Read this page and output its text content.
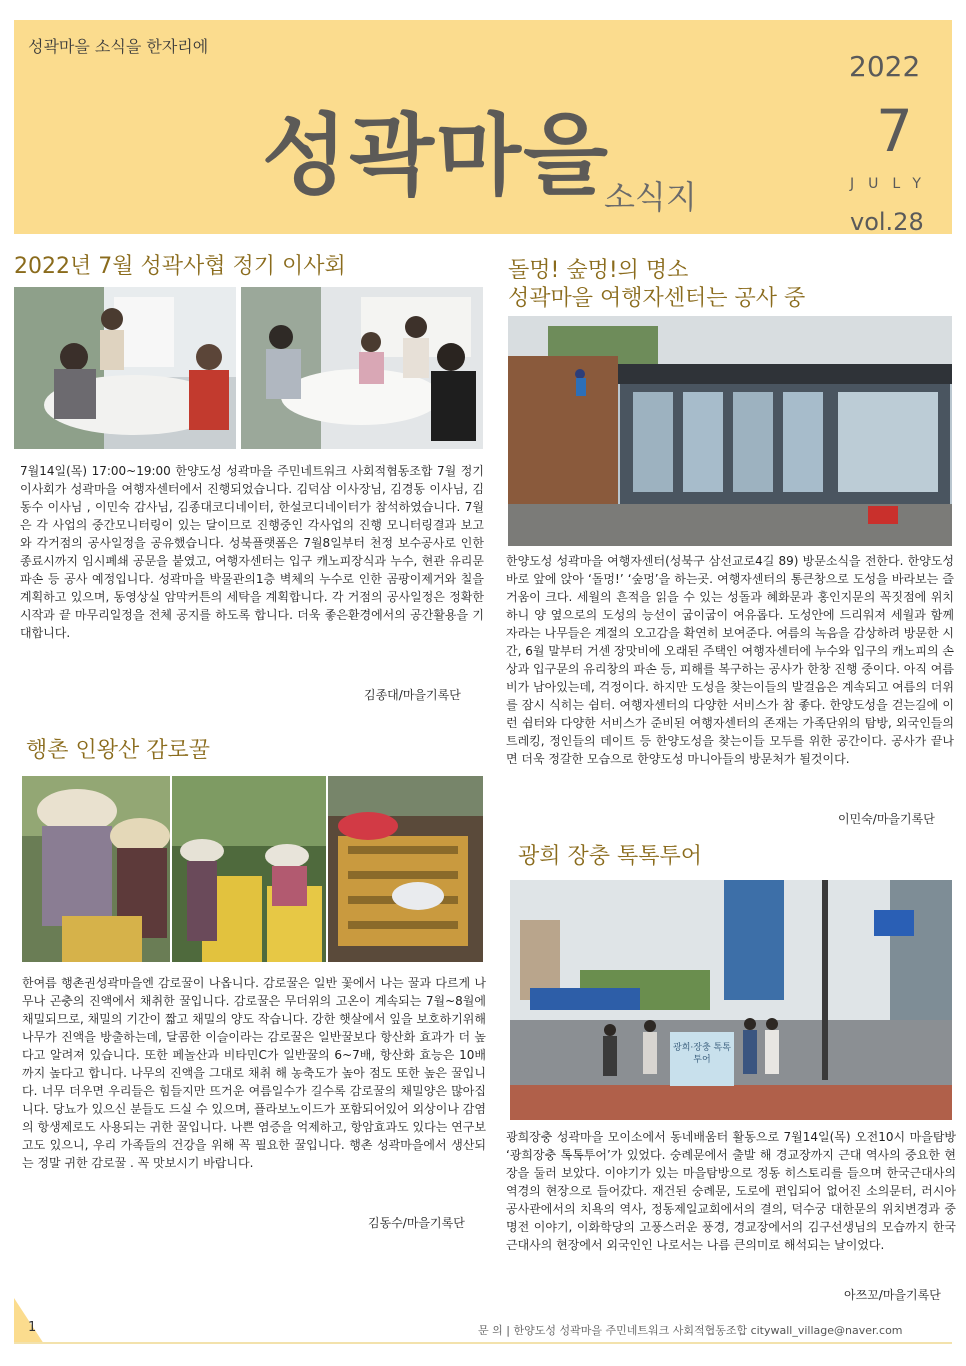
성곽마을 소식을 한자리에
성곽마을
소식지
2022
7
JULY
vol.28
2022년 7월 성곽사협 정기 이사회

7월14일(목) 17:00~19:00 한양도성 성곽마을 주민네트워크 사회적협동조합 7월 정기 이사회가 성곽마을 여행자센터에서 진행되었습니다. 김덕삼 이사장님, 김경동 이사님, 김동수 이사님 , 이민숙 감사님, 김종대코디네이터, 한설코디네이터가 참석하였습니다. 7월은 각 사업의 중간모니터링이 있는 달이므로 진행중인 각사업의 진행 모니터링결과 보고와 각거점의 공사일정을 공유했습니다. 성북플랫폼은 7월8일부터 천정 보수공사로 인한 종료시까지 임시폐쇄 공문을 붙였고, 여행자센터는 입구 캐노피장식과 누수, 현관 유리문 파손 등 공사 예정입니다. 성곽마을 박물관의1층 벽체의 누수로 인한 곰팡이제거와 칠을 계획하고 있으며, 동영상실 암막커튼의 세탁을 계획합니다. 각 거점의 공사일정은 정확한 시작과 끝 마무리일정을 전체 공지를 하도록 합니다. 더욱 좋은환경에서의 공간활용을 기대합니다.

김종대/마을기록단
돌멍! 숲멍!의 명소
성곽마을 여행자센터는 공사 중

한양도성 성곽마을 여행자센터(성북구 삼선교로4길 89) 방문소식을 전한다. 한양도성 바로 앞에 앉아 ‘돌멍!’ ‘숲멍’을 하는곳. 여행자센터의 통큰창으로 도성을 바라보는 즐거움이 크다. 세월의 흔적을 읽을 수 있는 성돌과 혜화문과 홍인지문의 꼭짓점에 위치하니 양 옆으로의 도성의 능선이 굽이굽이 여유롭다. 도성안에 드리워져 세월과 함께 자라는 나무들은 계절의 오고감을 확연히 보여준다. 여름의 녹음을 감상하려 방문한 시간, 6월 말부터 거센 장맛비에 오래된 주택인 여행자센터에 누수와 입구의 캐노피의 손상과 입구문의 유리창의 파손 등, 피해를 복구하는 공사가 한창 진행 중이다. 아직 여름비가 남아있는데, 걱정이다. 하지만 도성을 찾는이들의 발걸음은 계속되고 여름의 더위를 잠시 식히는 쉼터. 여행자센터의 다양한 서비스가 참 좋다. 한양도성을 걷는길에 이런 쉼터와 다양한 서비스가 준비된 여행자센터의 존재는 가족단위의 탐방, 외국인들의 트레킹, 정인들의 데이트 등 한양도성을 찾는이들 모두를 위한 공간이다. 공사가 끝나면 더욱 정갈한 모습으로 한양도성 마니아들의 방문처가 될것이다.

이민숙/마을기록단
행촌 인왕산 감로꿀

한여름 행촌권성곽마을엔 감로꿀이 나옵니다. 감로꿀은 일반 꽃에서 나는 꿀과 다르게 나무나 곤충의 진액에서 채취한 꿀입니다. 감로꿀은 무더위의 고온이 계속되는 7월~8월에 채밀되므로, 채밀의 기간이 짧고 채밀의 양도 작습니다. 강한 햇살에서 잎을 보호하기위해 나무가 진액을 방출하는데, 달콤한 이슬이라는 감로꿀은 일반꿀보다 항산화 효과가 더 높다고 알려져 있습니다. 또한 페놀산과 비타민C가 일반꿀의 6~7배, 항산화 효능은 10배까지 높다고 합니다. 나무의 진액을 그대로 채취 해 농축도가 높아 점도 또한 높은 꿀입니다. 너무 더우면 우리들은 힘들지만 뜨거운 여름일수가 길수록 감로꿀의 채밀양은 많아집니다. 당뇨가 있으신 분들도 드실 수 있으며, 플라보노이드가 포함되어있어 외상이나 감염의 항생제로도 사용되는 귀한 꿀입니다. 나쁜 염증을 억제하고, 항암효과도 있다는 연구보고도 있으니, 우리 가족들의 건강을 위해 꼭 필요한 꿀입니다. 행촌 성곽마을에서 생산되는 정말 귀한 감로꿀 . 꼭 맛보시기 바랍니다.

김동수/마을기록단
광희 장충 톡톡투어
광희·장충 톡톡투어

광희장충 성곽마을 모이소에서 동네배움터 활동으로 7월14일(목) 오전10시 마을탐방 ‘광희장충 톡톡투어’가 있었다. 숭례문에서 출발 해 경교장까지 근대 역사의 중요한 현장을 둘러 보았다. 이야기가 있는 마을탐방으로 정동 히스토리를 들으며 한국근대사의 역경의 현장으로 들어갔다. 재건된 숭례문, 도로에 편입되어 없어진 소의문터, 러시아공사관에서의 치욕의 역사, 정동제일교회에서의 결의, 덕수궁 대한문의 위치변경과 중명전 이야기, 이화학당의 고풍스러운 풍경, 경교장에서의 김구선생님의 모습까지 한국근대사의 현장에서 외국인인 나로서는 나름 큰의미로 해석되는 날이었다.

아쯔꼬/마을기록단
1	문 의 | 한양도성 성곽마을 주민네트워크 사회적협동조합 citywall_village@naver.com
